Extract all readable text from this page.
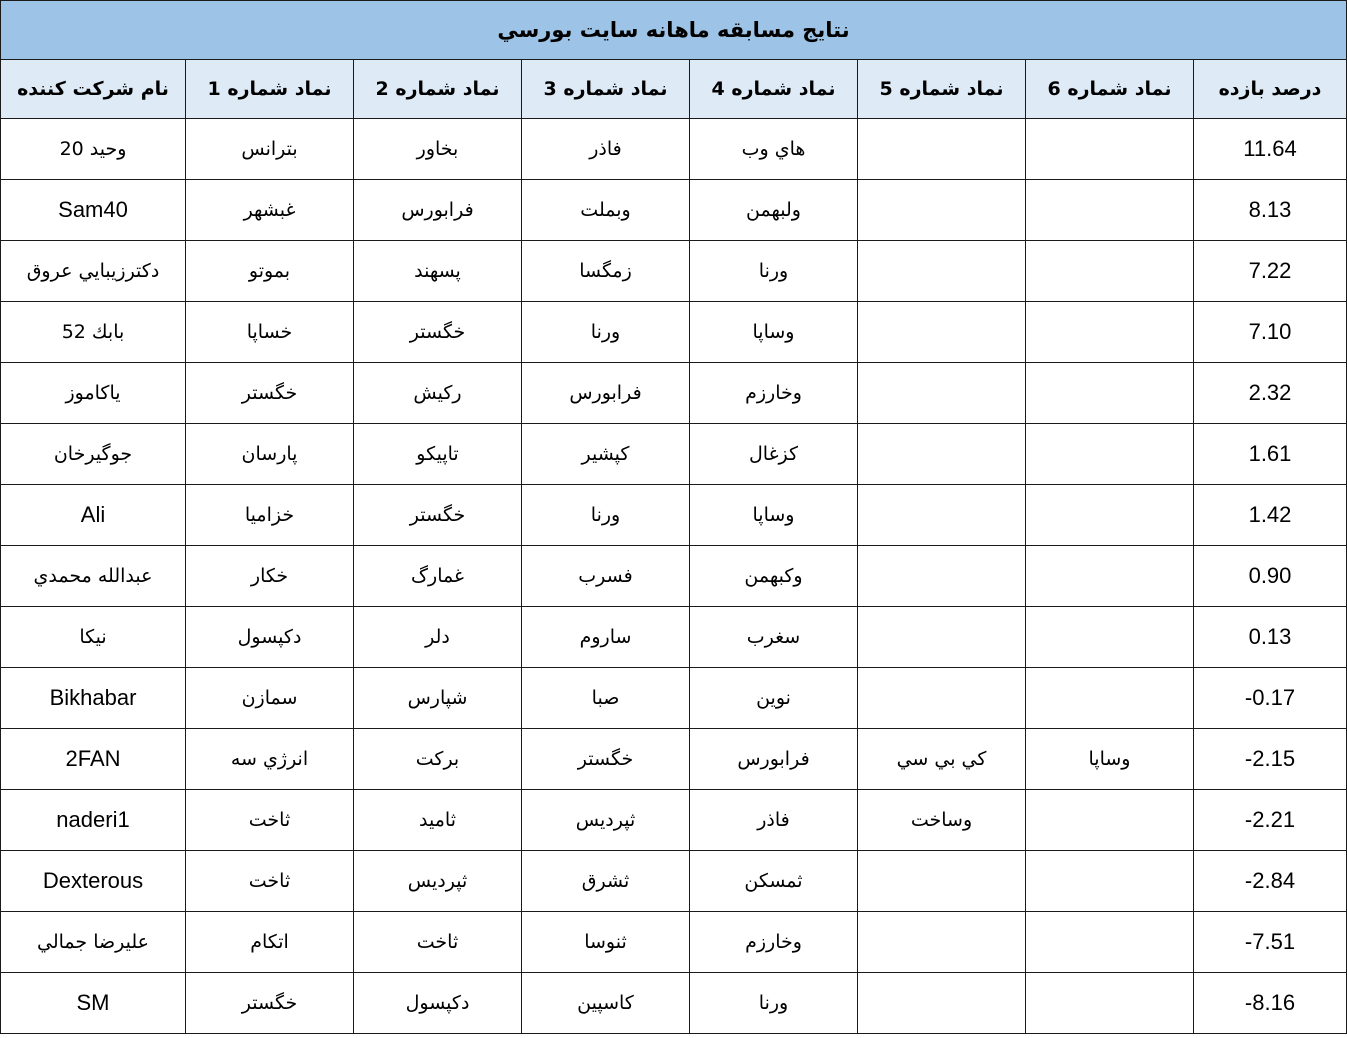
نتايج مسابقه ماهانه سايت بورسي							
نام شركت كننده	نماد شماره 1	نماد شماره 2	نماد شماره 3	نماد شماره 4	نماد شماره 5	نماد شماره 6	درصد بازده
وحيد 20	بترانس	بخاور	فاذر	هاي وب			11.64
Sam40	غبشهر	فرابورس	وبملت	ولبهمن			8.13
دكترزيبايي عروق	بموتو	پسهند	زمگسا	ورنا			7.22
بابك 52	خساپا	خگستر	ورنا	وساپا			7.10
ياكاموز	خگستر	ركيش	فرابورس	وخارزم			2.32
جوگيرخان	پارسان	تاپيكو	كپشير	كزغال			1.61
Ali	خزاميا	خگستر	ورنا	وساپا			1.42
عبدالله محمدي	خكار	غمارگ	فسرب	وكبهمن			0.90
نيكا	دكپسول	دلر	ساروم	سغرب			0.13
Bikhabar	سمازن	شپارس	صبا	نوين			-0.17
2FAN	انرژي سه	بركت	خگستر	فرابورس	كي بي سي	وساپا	-2.15
naderi1	ثاخت	ثاميد	ثپرديس	فاذر	وساخت		-2.21
Dexterous	ثاخت	ثپرديس	ثشرق	ثمسكن			-2.84
عليرضا جمالي	اتكام	ثاخت	ثنوسا	وخارزم			-7.51
SM	خگستر	دكپسول	كاسپين	ورنا			-8.16
